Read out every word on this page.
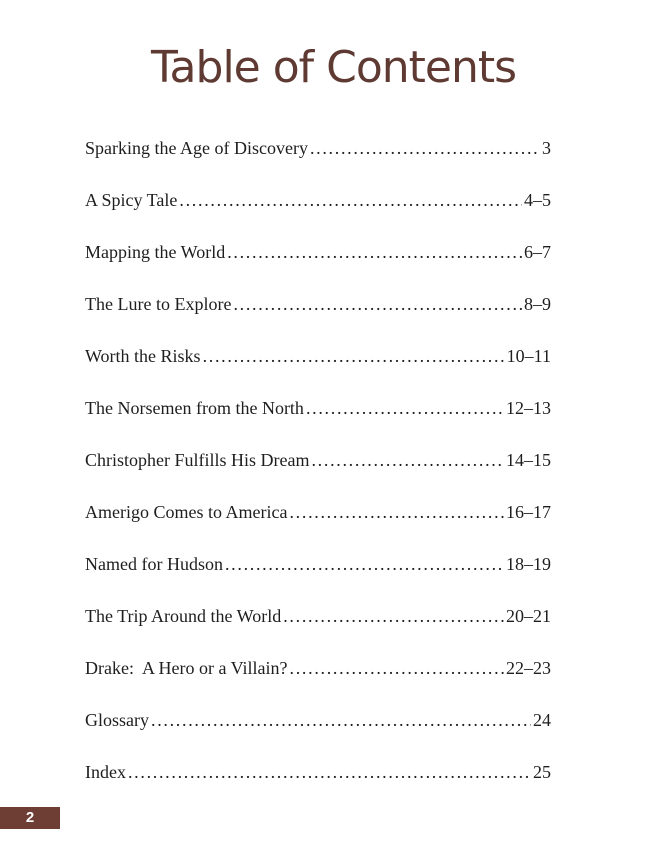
Table of Contents
Sparking the Age of Discovery . . .	3
A Spicy Tale . . .	4–5
Mapping the World . . .	6–7
The Lure to Explore . . .	8–9
Worth the Risks . . .	10–11
The Norsemen from the North . . .	12–13
Christopher Fulfills His Dream . . .	14–15
Amerigo Comes to America . . .	16–17
Named for Hudson . . .	18–19
The Trip Around the World . . .	20–21
Drake:  A Hero or a Villain? . . .	22–23
Glossary . . .	24
Index . . .	25
2
